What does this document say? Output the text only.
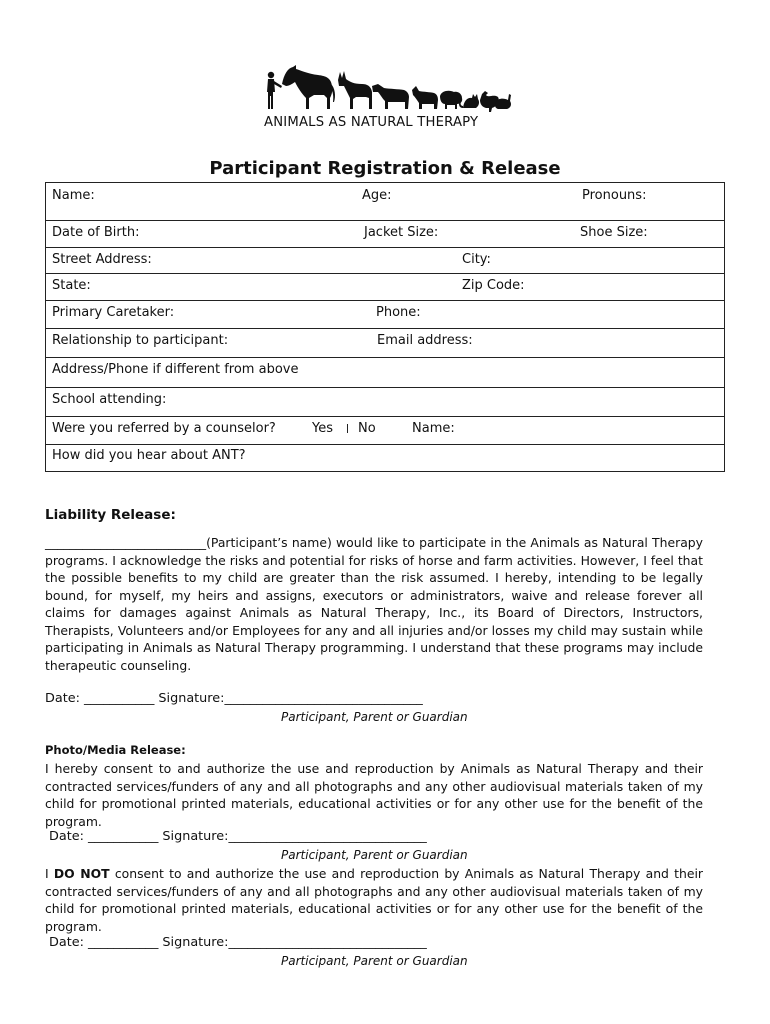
ANIMALS AS NATURAL THERAPY
Participant Registration & Release
Name:	Age:	Pronouns:
Date of Birth:	Jacket Size:	Shoe Size:
Street Address:	City:
State:	Zip Code:
Primary Caretaker:	Phone:
Relationship to participant:	Email address:
Address/Phone if different from above
School attending:
Were you referred by a counselor?	Yes No	Name:
How did you hear about ANT?
Liability Release:
__________________________(Participant’s name) would like to participate in the Animals as Natural Therapy programs. I acknowledge the risks and potential for risks of horse and farm activities. However, I feel that the possible benefits to my child are greater than the risk assumed. I hereby, intending to be legally bound, for myself, my heirs and assigns, executors or administrators, waive and release forever all claims for damages against Animals as Natural Therapy, Inc., its Board of Directors, Instructors, Therapists, Volunteers and/or Employees for any and all injuries and/or losses my child may sustain while participating in Animals as Natural Therapy programming. I understand that these programs may include therapeutic counseling.
Date: ___________ Signature:_______________________________
Participant, Parent or Guardian
Photo/Media Release:
I hereby consent to and authorize the use and reproduction by Animals as Natural Therapy and their contracted services/funders of any and all photographs and any other audiovisual materials taken of my child for promotional printed materials, educational activities or for any other use for the benefit of the program.
Date: ___________ Signature:_______________________________
Participant, Parent or Guardian
I DO NOT consent to and authorize the use and reproduction by Animals as Natural Therapy and their contracted services/funders of any and all photographs and any other audiovisual materials taken of my child for promotional printed materials, educational activities or for any other use for the benefit of the program.
Date: ___________ Signature:_______________________________
Participant, Parent or Guardian
